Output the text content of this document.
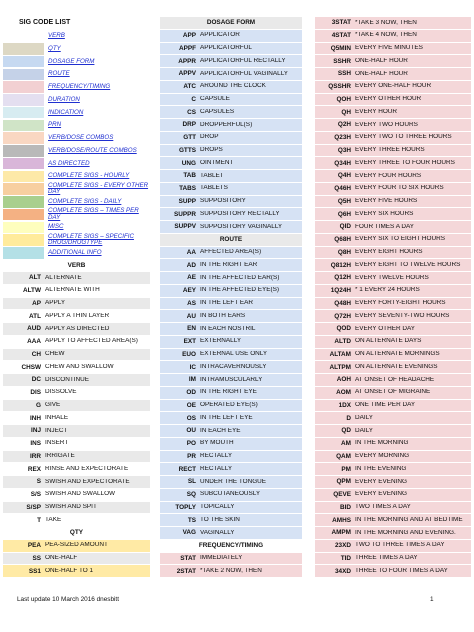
SIG CODE LIST
VERB
QTY
DOSAGE FORM
ROUTE
FREQUENCY/TIMING
DURATION
INDICATION
PRN
VERB/DOSE COMBOS
VERB/DOSE/ROUTE COMBOS
AS DIRECTED
COMPLETE SIGS - HOURLY
COMPLETE SIGS - EVERY OTHER DAY
COMPLETE SIGS - DAILY
COMPLETE SIGS – TIMES PER DAY
MISC
COMPLETE SIGS – SPECIFIC DRUG/DRUGTYPE
ADDITIONAL INFO
VERB
ALT ALTERNATE
ALTW ALTERNATE WITH
AP APPLY
ATL APPLY A THIN LAYER
AUD APPLY AS DIRECTED
AAA APPLY TO AFFECTED AREA(S)
CH CHEW
CHSW CHEW AND SWALLOW
DC DISCONTINUE
DIS DISSOLVE
G GIVE
INH INHALE
INJ INJECT
INS INSERT
IRR IRRIGATE
REX RINSE AND EXPECTORATE
S SWISH AND EXPECTORATE
S/S SWISH AND SWALLOW
S/SP SWISH AND SPIT
T TAKE
QTY
PEA PEA-SIZED AMOUNT
SS ONE-HALF
SS1 ONE-HALF TO 1
DOSAGE FORM
APP APPLICATOR
APPF APPLICATORFUL
APPR APPLICATORFUL RECTALLY
APPV APPLICATORFUL VAGINALLY
ATC AROUND THE CLOCK
C CAPSULE
CS CAPSULES
DRP DROPPERFUL(S)
GTT DROP
GTTS DROPS
UNG OINTMENT
TAB TABLET
TABS TABLETS
SUPP SUPPOSITORY
SUPPR SUPPOSITORY RECTALLY
SUPPV SUPPOSITORY VAGINALLY
ROUTE
AA AFFECTED AREA(S)
AD IN THE RIGHT EAR
AE IN THE AFFECTED EAR(S)
AEY IN THE AFFECTED EYE(S)
AS IN THE LEFT EAR
AU IN BOTH EARS
EN IN EACH NOSTRIL
EXT EXTERNALLY
EUO EXTERNAL USE ONLY
IC INTRACAVERNOUSLY
IM INTRAMUSCULARLY
OD IN THE RIGHT EYE
OE OPERATED EYE(S)
OS IN THE LEFT EYE
OU IN EACH EYE
PO BY MOUTH
PR RECTALLY
RECT RECTALLY
SL UNDER THE TONGUE
SQ SUBCUTANEOUSLY
TOPLY TOPICALLY
TS TO THE SKIN
VAG VAGINALLY
FREQUENCY/TIMING
STAT IMMEDIATELY
2STAT *TAKE 2 NOW, THEN
3STAT *TAKE 3 NOW, THEN
4STAT *TAKE 4 NOW, THEN
Q5MIN EVERY FIVE MINUTES
SSHR ONE-HALF HOUR
SSH ONE-HALF HOUR
QSSHR EVERY ONE-HALF HOUR
QOH EVERY OTHER HOUR
QH EVERY HOUR
Q2H EVERY TWO HOURS
Q23H EVERY TWO TO THREE HOURS
Q3H EVERY THREE HOURS
Q34H EVERY THREE TO FOUR HOURS
Q4H EVERY FOUR HOURS
Q46H EVERY FOUR TO SIX HOURS
Q5H EVERY FIVE HOURS
Q6H EVERY SIX HOURS
QID FOUR TIMES A DAY
Q68H EVERY SIX TO EIGHT HOURS
Q8H EVERY EIGHT HOURS
Q812H EVERY EIGHT TO TWELVE HOURS
Q12H EVERY TWELVE HOURS
1Q24H * 1 EVERY 24 HOURS
Q48H EVERY FORTY-EIGHT HOURS
Q72H EVERY SEVENTY-TWO HOURS
QOD EVERY OTHER DAY
ALTD ON ALTERNATE DAYS
ALTAM ON ALTERNATE MORNINGS
ALTPM ON ALTERNATE EVENINGS
AOH AT ONSET OF HEADACHE
AOM AT ONSET OF MIGRAINE
1DX ONE TIME PER DAY
D DAILY
QD DAILY
AM IN THE MORNING
QAM EVERY MORNING
PM IN THE EVENING
QPM EVERY EVENING
QEVE EVERY EVENING
BID TWO TIMES A DAY
AMHS IN THE MORNING AND AT BEDTIME
AMPM IN THE MORNING AND EVENING.
23XD TWO TO THREE TIMES A DAY
TID THREE TIMES A DAY
34XD THREE TO FOUR TIMES A DAY
Last update 10 March 2016 dnesbitt	1
